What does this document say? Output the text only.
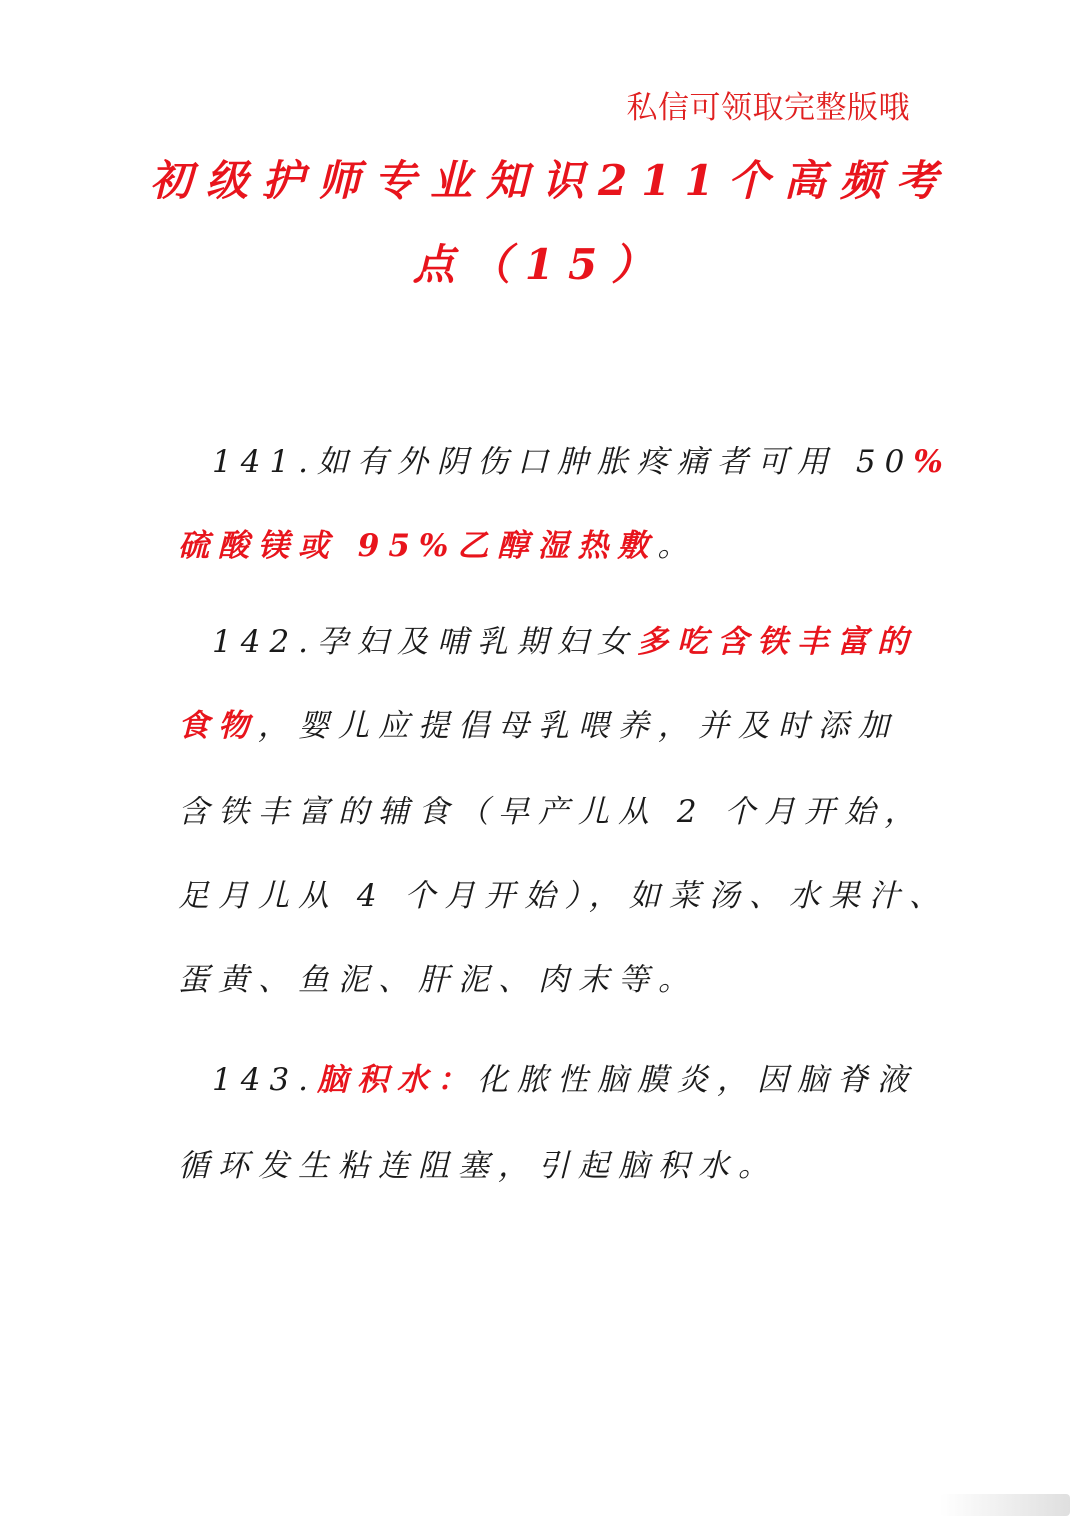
私信可领取完整版哦
初级护师专业知识211个高频考
点（15）
141.如有外阴伤口肿胀疼痛者可用 50%
硫酸镁或 95%乙醇湿热敷。
142.孕妇及哺乳期妇女多吃含铁丰富的
食物，婴儿应提倡母乳喂养，并及时添加
含铁丰富的辅食（早产儿从 2 个月开始，
足月儿从 4 个月开始），如菜汤、水果汁、
蛋黄、鱼泥、肝泥、肉末等。
143.脑积水：化脓性脑膜炎，因脑脊液
循环发生粘连阻塞，引起脑积水。
